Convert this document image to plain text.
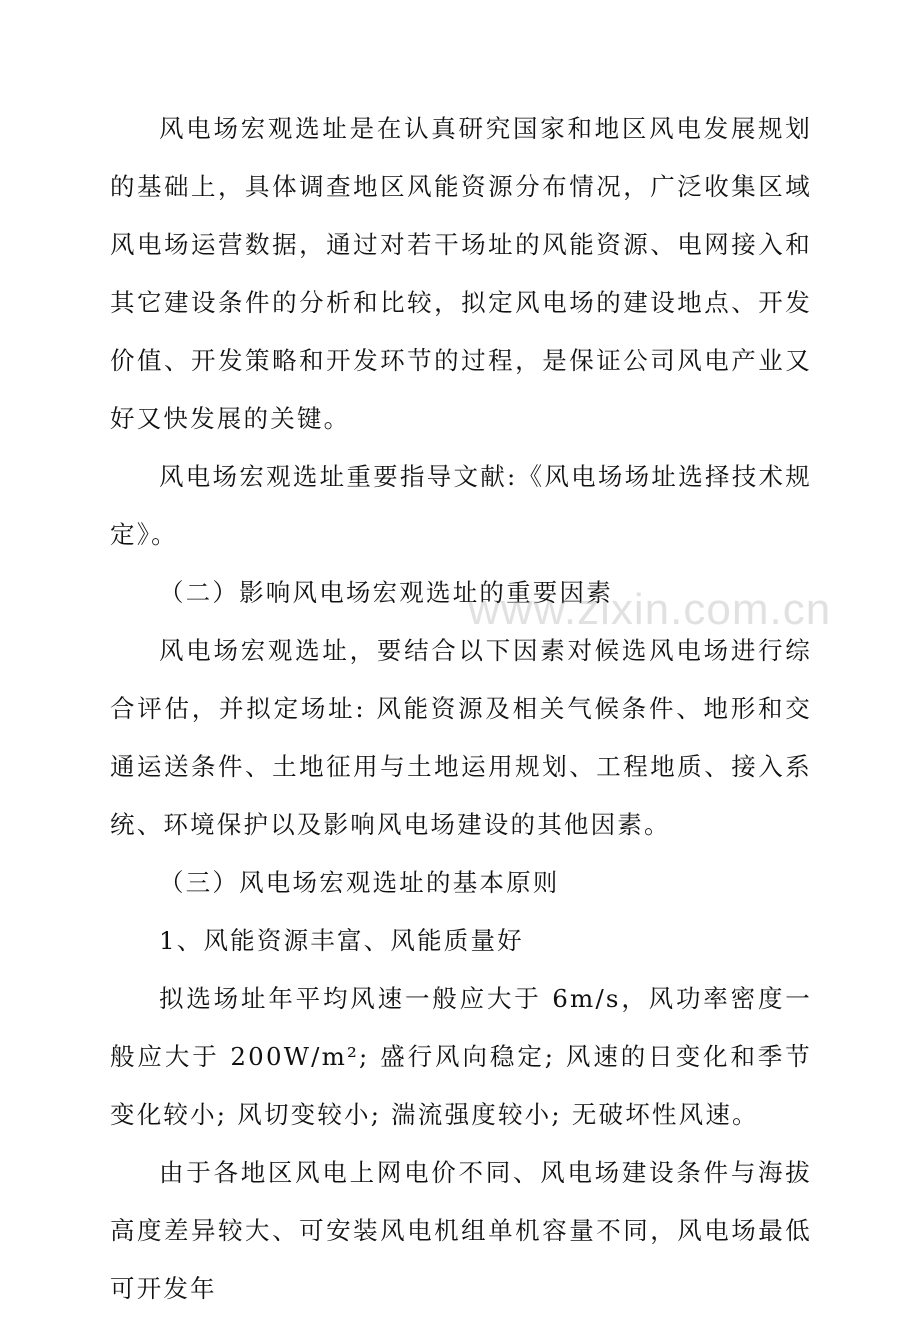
风电场宏观选址是在认真研究国家和地区风电发展规划的基础上，具体调查地区风能资源分布情况，广泛收集区域风电场运营数据，通过对若干场址的风能资源、电网接入和其它建设条件的分析和比较，拟定风电场的建设地点、开发价值、开发策略和开发环节的过程，是保证公司风电产业又好又快发展的关键。

风电场宏观选址重要指导文献:《风电场场址选择技术规定》。

（二）影响风电场宏观选址的重要因素

风电场宏观选址，要结合以下因素对候选风电场进行综合评估，并拟定场址: 风能资源及相关气候条件、地形和交通运送条件、土地征用与土地运用规划、工程地质、接入系统、环境保护以及影响风电场建设的其他因素。

（三）风电场宏观选址的基本原则

1、风能资源丰富、风能质量好

拟选场址年平均风速一般应大于 6m/s，风功率密度一般应大于 200W/m²; 盛行风向稳定; 风速的日变化和季节变化较小; 风切变较小; 湍流强度较小; 无破坏性风速。

由于各地区风电上网电价不同、风电场建设条件与海拔高度差异较大、可安装风电机组单机容量不同，风电场最低可开发年

www.zixin.com.cn
